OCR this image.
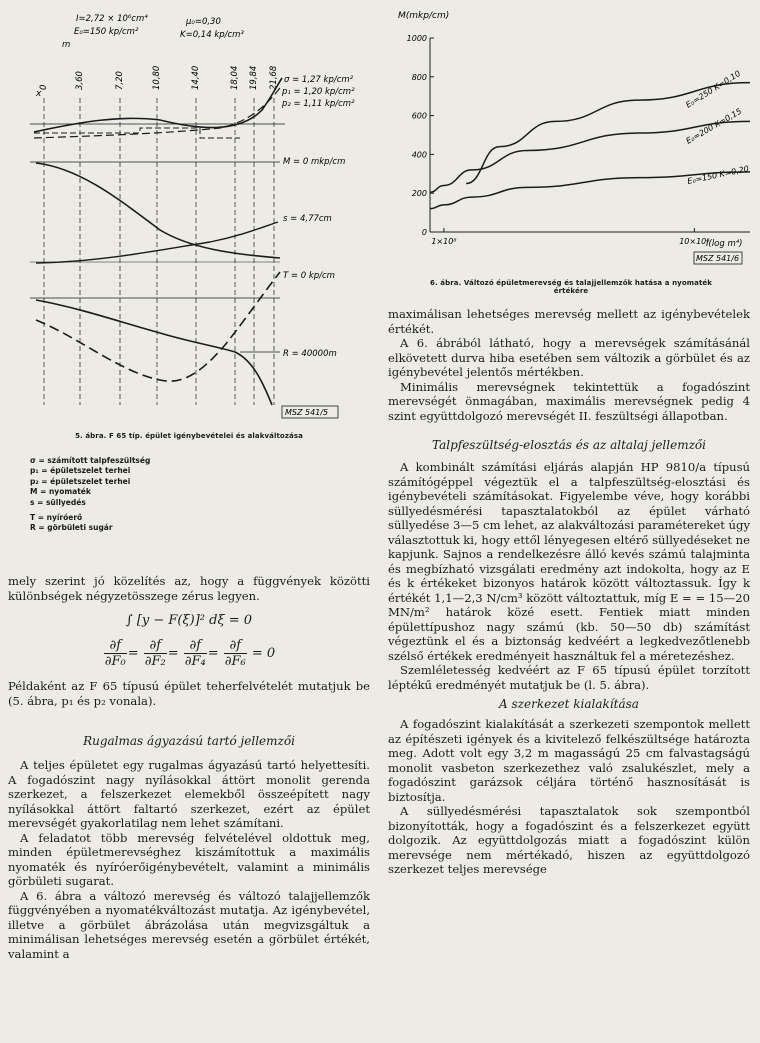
I=2,72 × 10⁶cm⁴
E₀=150 kp/cm²
m
μ₀=0,30
K=0,14 kp/cm³
x
0	3,60	7,20	10,80	14,40	18,04 19,84 21,68 σ = 1,27 kp/cm²
p₁ = 1,20 kp/cm²
p₂ = 1,11 kp/cm²
M = 0 mkp/cm
s = 4,77cm
T = 0 kp/cm
R = 40000m
MSZ 541/5

5. ábra. F 65 típ. épület igénybevételei és alakváltozása

σ = számított talpfeszültség
p₁ = épületszelet terhei
p₂ = épületszelet terhei
M = nyomaték
s = süllyedés
T = nyíróerő
R = görbületi sugár

mely szerint jó közelítés az, hogy a függvények közötti különbségek négyzetösszege zérus legyen.

∫ [y − F(ξ)]² dξ = 0
$\frac{\partial f}{\text{∂F₀}} = \frac{\partial f}{\text{∂F₂}} = \frac{\partial f}{\text{∂F₄}} = \frac{\partial f}{\text{∂F₆}} = 0$

Példaként az F 65 típusú épület teherfelvételét mutatjuk be (5. ábra, p₁ és p₂ vonala).

Rugalmas ágyazású tartó jellemzői

A teljes épületet egy rugalmas ágyazású tartó helyettesíti. A fogadószint nagy nyílásokkal áttört monolit gerenda szerkezet, a felszerkezet elemekből összeépített nagy nyílásokkal áttört faltartó szerkezet, ezért az épület merevségét gyakorlatilag nem lehet számítani.

A feladatot több merevség felvételével oldottuk meg, minden épületmerevséghez kiszámítottuk a maximális nyomaték és nyíróerőigénybevételt, valamint a minimális görbületi sugarat.

A 6. ábra a változó merevség és változó talajjellemzők függvényében a nyomatékváltozást mutatja. Az igénybevétel, illetve a görbület ábrázolása után megvizsgáltuk a minimálisan lehetséges merevség esetén a görbület értékét, valamint a

M(mkp/cm)
1000
800
600
400
200
0
1×10⁸	10×10⁸
E₀=250 K=0,10
E₀=200 K=0,15
E₀=150 K=0,20
I(log m⁴)
MSZ 541/6

6. ábra. Változó épületmerevség és talajjellemzők hatása a nyomaték

értékére

maximálisan lehetséges merevség mellett az igénybevételek értékét.

A 6. ábrából látható, hogy a merevségek számításánál elkövetett durva hiba esetében sem változik a görbület és az igénybevétel jelentős mértékben.

Minimális merevségnek tekintettük a fogadószint merevségét önmagában, maximális merevségnek pedig 4 szint együttdolgozó merevségét II. feszültségi állapotban.

Talpfeszültség-elosztás és az altalaj jellemzői

A kombinált számítási eljárás alapján HP 9810/a típusú számítógéppel végeztük el a talpfeszültség-elosztási és igénybevételi számításokat. Figyelembe véve, hogy korábbi süllyedésmérési tapasztalatokból az épület várható süllyedése 3—5 cm lehet, az alakváltozási paramétereket úgy választottuk ki, hogy ettől lényegesen eltérő süllyedéseket ne kapjunk. Sajnos a rendelkezésre álló kevés számú talajminta és megbízható vizsgálati eredmény azt indokolta, hogy az E és k értékeket bizonyos határok között változtassuk. Így k értékét 1,1—2,3 N/cm³ között változtattuk, míg E = = 15—20 MN/m² határok közé esett. Fentiek miatt minden épülettípushoz nagy számú (kb. 50—50 db) számítást végeztünk el és a biztonság kedvéért a legkedvezőtlenebb szélső értékek eredményeit használtuk fel a méretezéshez.

Szemléletesség kedvéért az F 65 típusú épület torzított léptékű eredményét mutatjuk be (l. 5. ábra).

A szerkezet kialakítása

A fogadószint kialakítását a szerkezeti szempontok mellett az építészeti igények és a kivitelező felkészültsége határozta meg. Adott volt egy 3,2 m magasságú 25 cm falvastagságú monolit vasbeton szerkezethez való zsalukészlet, mely a fogadószint garázsok céljára történő hasznosítását is biztosítja.

A süllyedésmérési tapasztalatok sok szempontból bizonyították, hogy a fogadószint és a felszerkezet együtt dolgozik. Az együttdolgozás miatt a fogadószint külön merevsége nem mértékadó, hiszen az együttdolgozó szerkezet teljes merevsége
